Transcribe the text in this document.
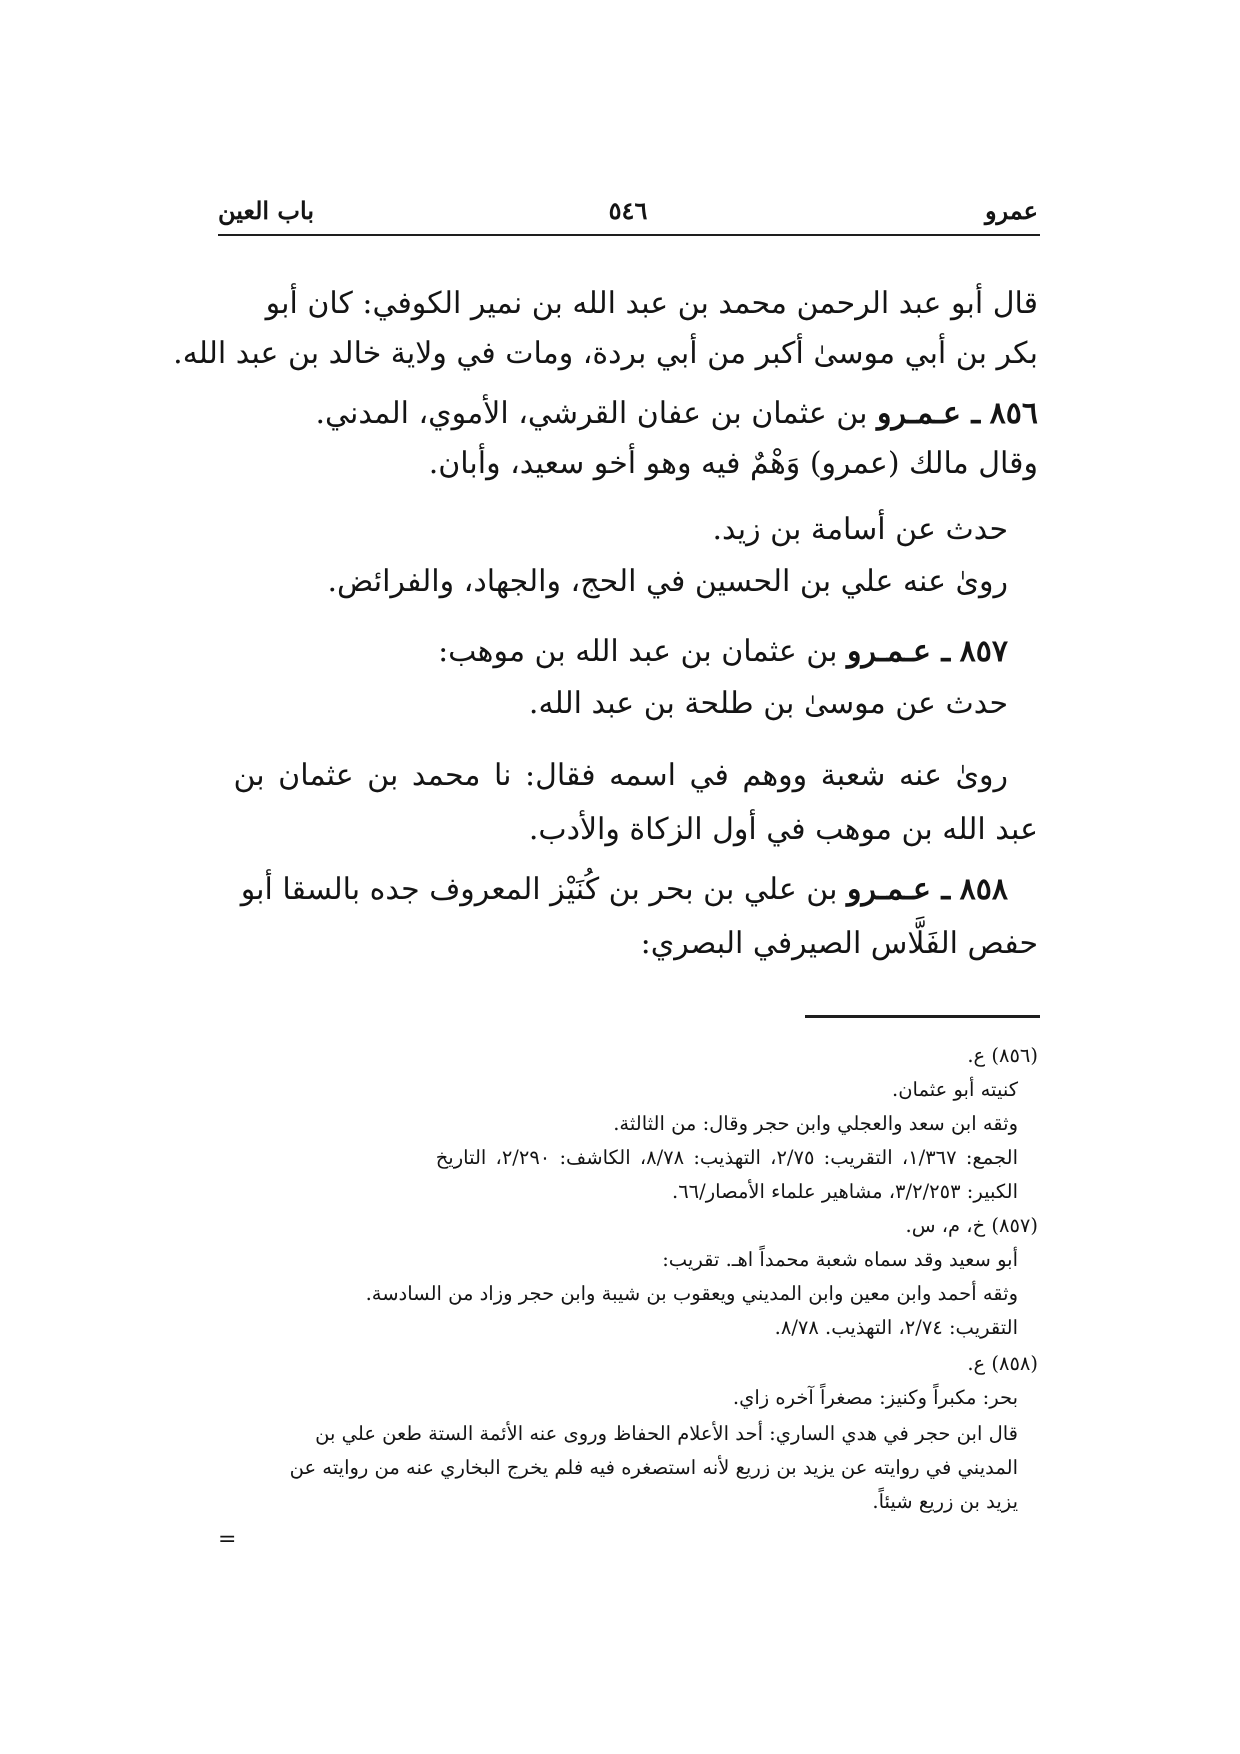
عمرو
٥٤٦
باب العين
قال أبو عبد الرحمن محمد بن عبد الله بن نمير الكوفي: كان أبو
بكر بن أبي موسىٰ أكبر من أبي بردة، ومات في ولاية خالد بن عبد الله.
٨٥٦ ـ عـمـرو بن عثمان بن عفان القرشي، الأموي، المدني.
وقال مالك (عمرو) وَهْمٌ فيه وهو أخو سعيد، وأبان.
حدث عن أسامة بن زيد.
رویٰ عنه علي بن الحسين في الحج، والجهاد، والفرائض.
٨٥٧ ـ عـمـرو بن عثمان بن عبد الله بن موهب:
حدث عن موسىٰ بن طلحة بن عبد الله.
روىٰ عنه شعبة ووهم في اسمه فقال: نا محمد بن عثمان بن
عبد الله بن موهب في أول الزكاة والأدب.
٨٥٨ ـ عـمـرو بن علي بن بحر بن كُنَيْز المعروف جده بالسقا أبو
حفص الفَلَّاس الصيرفي البصري:
(٨٥٦) ع.
كنيته أبو عثمان.
وثقه ابن سعد والعجلي وابن حجر وقال: من الثالثة.
الجمع: ١/٣٦٧، التقريب: ٢/٧٥، التهذيب: ٨/٧٨، الكاشف: ٢/٢٩٠، التاريخ
الكبير: ٣/٢/٢٥٣، مشاهير علماء الأمصار/٦٦.
(٨٥٧) خ، م، س.
أبو سعيد وقد سماه شعبة محمداً اهـ. تقريب:
وثقه أحمد وابن معين وابن المديني ويعقوب بن شيبة وابن حجر وزاد من السادسة.
التقريب: ٢/٧٤، التهذيب. ٨/٧٨.
(٨٥٨) ع.
بحر: مكبراً وكنيز: مصغراً آخره زاي.
قال ابن حجر في هدي الساري: أحد الأعلام الحفاظ وروى عنه الأئمة الستة طعن علي بن
المديني في روايته عن يزيد بن زريع لأنه استصغره فيه فلم يخرج البخاري عنه من روايته عن
يزيد بن زريع شيئاً.
=
